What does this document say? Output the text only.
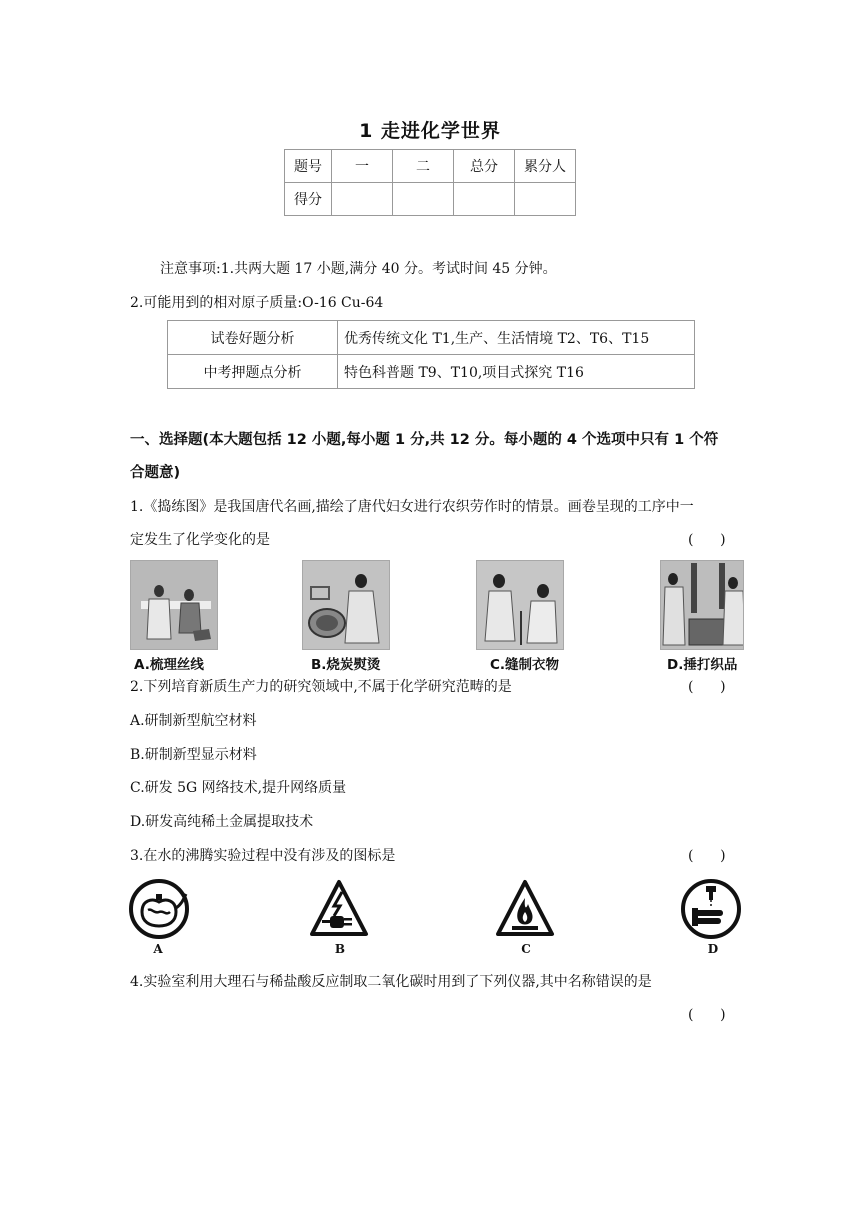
1 走进化学世界
题号	一	二	总分	累分人
得分				
注意事项:1.共两大题 17 小题,满分 40 分。考试时间 45 分钟。
2.可能用到的相对原子质量:O-16 Cu-64
试卷好题分析	优秀传统文化 T1,生产、生活情境 T2、T6、T15
中考押题点分析	特色科普题 T9、T10,项目式探究 T16
一、选择题(本大题包括 12 小题,每小题 1 分,共 12 分。每小题的 4 个选项中只有 1 个符
合题意)
1.《捣练图》是我国唐代名画,描绘了唐代妇女进行农织劳作时的情景。画卷呈现的工序中一
定发生了化学变化的是	(      )
A.梳理丝线	B.烧炭熨烫	C.缝制衣物	D.捶打织品
2.下列培育新质生产力的研究领域中,不属于化学研究范畴的是	(      )
A.研制新型航空材料
B.研制新型显示材料
C.研发 5G 网络技术,提升网络质量
D.研发高纯稀土金属提取技术
3.在水的沸腾实验过程中没有涉及的图标是	(      )
A	B	C	D
4.实验室利用大理石与稀盐酸反应制取二氧化碳时用到了下列仪器,其中名称错误的是
(      )
